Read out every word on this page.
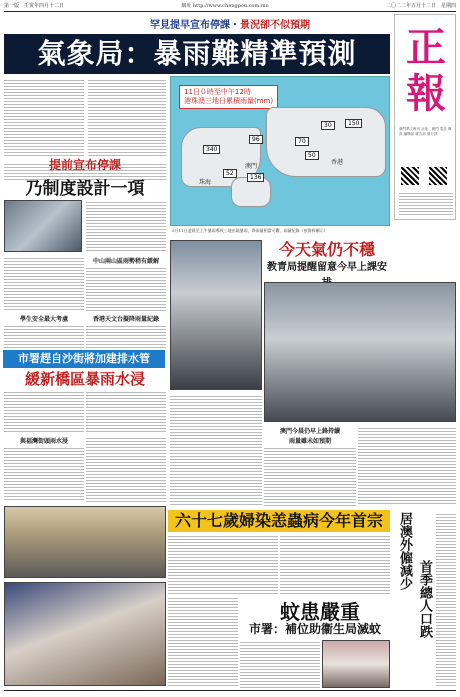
第一版　壬寅年四月十二日	網址 http://www.chengpou.com.mo	二〇二二年五月十二日　星期四
罕見提早宣布停課・景況卻不似預期
氣象局：暴雨難精準預測	正報
澳門華文報刊 社址：澳門 電話 傳真 編輯部 廣告部 發行部
11日０時至中午12時
港珠澳三地日累積雨量(mm)
340
96
52
136
70
50
30	150
珠海
澳門
香港
5月11日凌晨至上午暴雨導致三地出現暴雨，降雨量相當可觀，雨量紀錄（按資料顯示）
提前宣布停課
乃制度設計一項
中山兩山區雨勢稍有緩解
學生安全最大考慮	香港天文台擬降雨量紀錄
市署趕自沙街將加建排水管
緩新橋區暴雨水浸
與福灣街頭雨水浸
今天氣仍不穩
教青局提醒留意今早上課安
澳門今晨仍早上鋒持續
雨量雖未如預期
六十七歲婦染恙蟲病今年首宗	居澳外僱減少
首季總人口跌
蚊患嚴重
市署：補位助衞生局滅蚊
